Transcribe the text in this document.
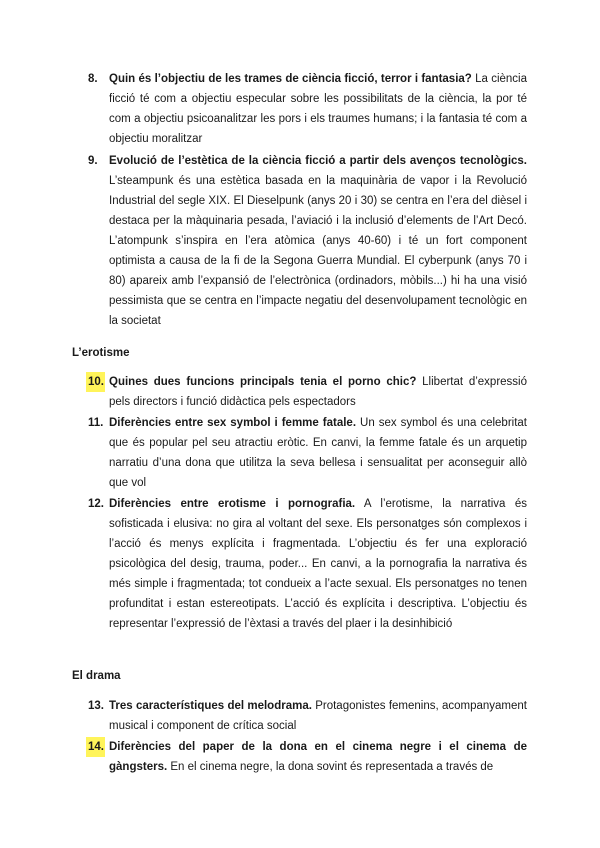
8. Quin és l’objectiu de les trames de ciència ficció, terror i fantasia? La ciència ficció té com a objectiu especular sobre les possibilitats de la ciència, la por té com a objectiu psicoanalitzar les pors i els traumes humans; i la fantasia té com a objectiu moralitzar
9. Evolució de l’estètica de la ciència ficció a partir dels avenços tecnològics. L’steampunk és una estètica basada en la maquinària de vapor i la Revolució Industrial del segle XIX. El Dieselpunk (anys 20 i 30) se centra en l’era del dièsel i destaca per la màquinaria pesada, l’aviació i la inclusió d’elements de l’Art Decó. L’atompunk s’inspira en l’era atòmica (anys 40-60) i té un fort component optimista a causa de la fi de la Segona Guerra Mundial. El cyberpunk (anys 70 i 80) apareix amb l’expansió de l’electrònica (ordinadors, mòbils...) hi ha una visió pessimista que se centra en l’impacte negatiu del desenvolupament tecnològic en la societat
L’erotisme
10. Quines dues funcions principals tenia el porno chic? Llibertat d’expressió pels directors i funció didàctica pels espectadors
11. Diferències entre sex symbol i femme fatale. Un sex symbol és una celebritat que és popular pel seu atractiu eròtic. En canvi, la femme fatale és un arquetip narratiu d’una dona que utilitza la seva bellesa i sensualitat per aconseguir allò que vol
12. Diferències entre erotisme i pornografia. A l’erotisme, la narrativa és sofisticada i elusiva: no gira al voltant del sexe. Els personatges són complexos i l’acció és menys explícita i fragmentada. L’objectiu és fer una exploració psicològica del desig, trauma, poder... En canvi, a la pornografia la narrativa és més simple i fragmentada; tot condueix a l’acte sexual. Els personatges no tenen profunditat i estan estereotipats. L’acció és explícita i descriptiva. L’objectiu és representar l’expressió de l’èxtasi a través del plaer i la desinhibició
El drama
13. Tres característiques del melodrama. Protagonistes femenins, acompanyament musical i component de crítica social
14. Diferències del paper de la dona en el cinema negre i el cinema de gàngsters. En el cinema negre, la dona sovint és representada a través de
